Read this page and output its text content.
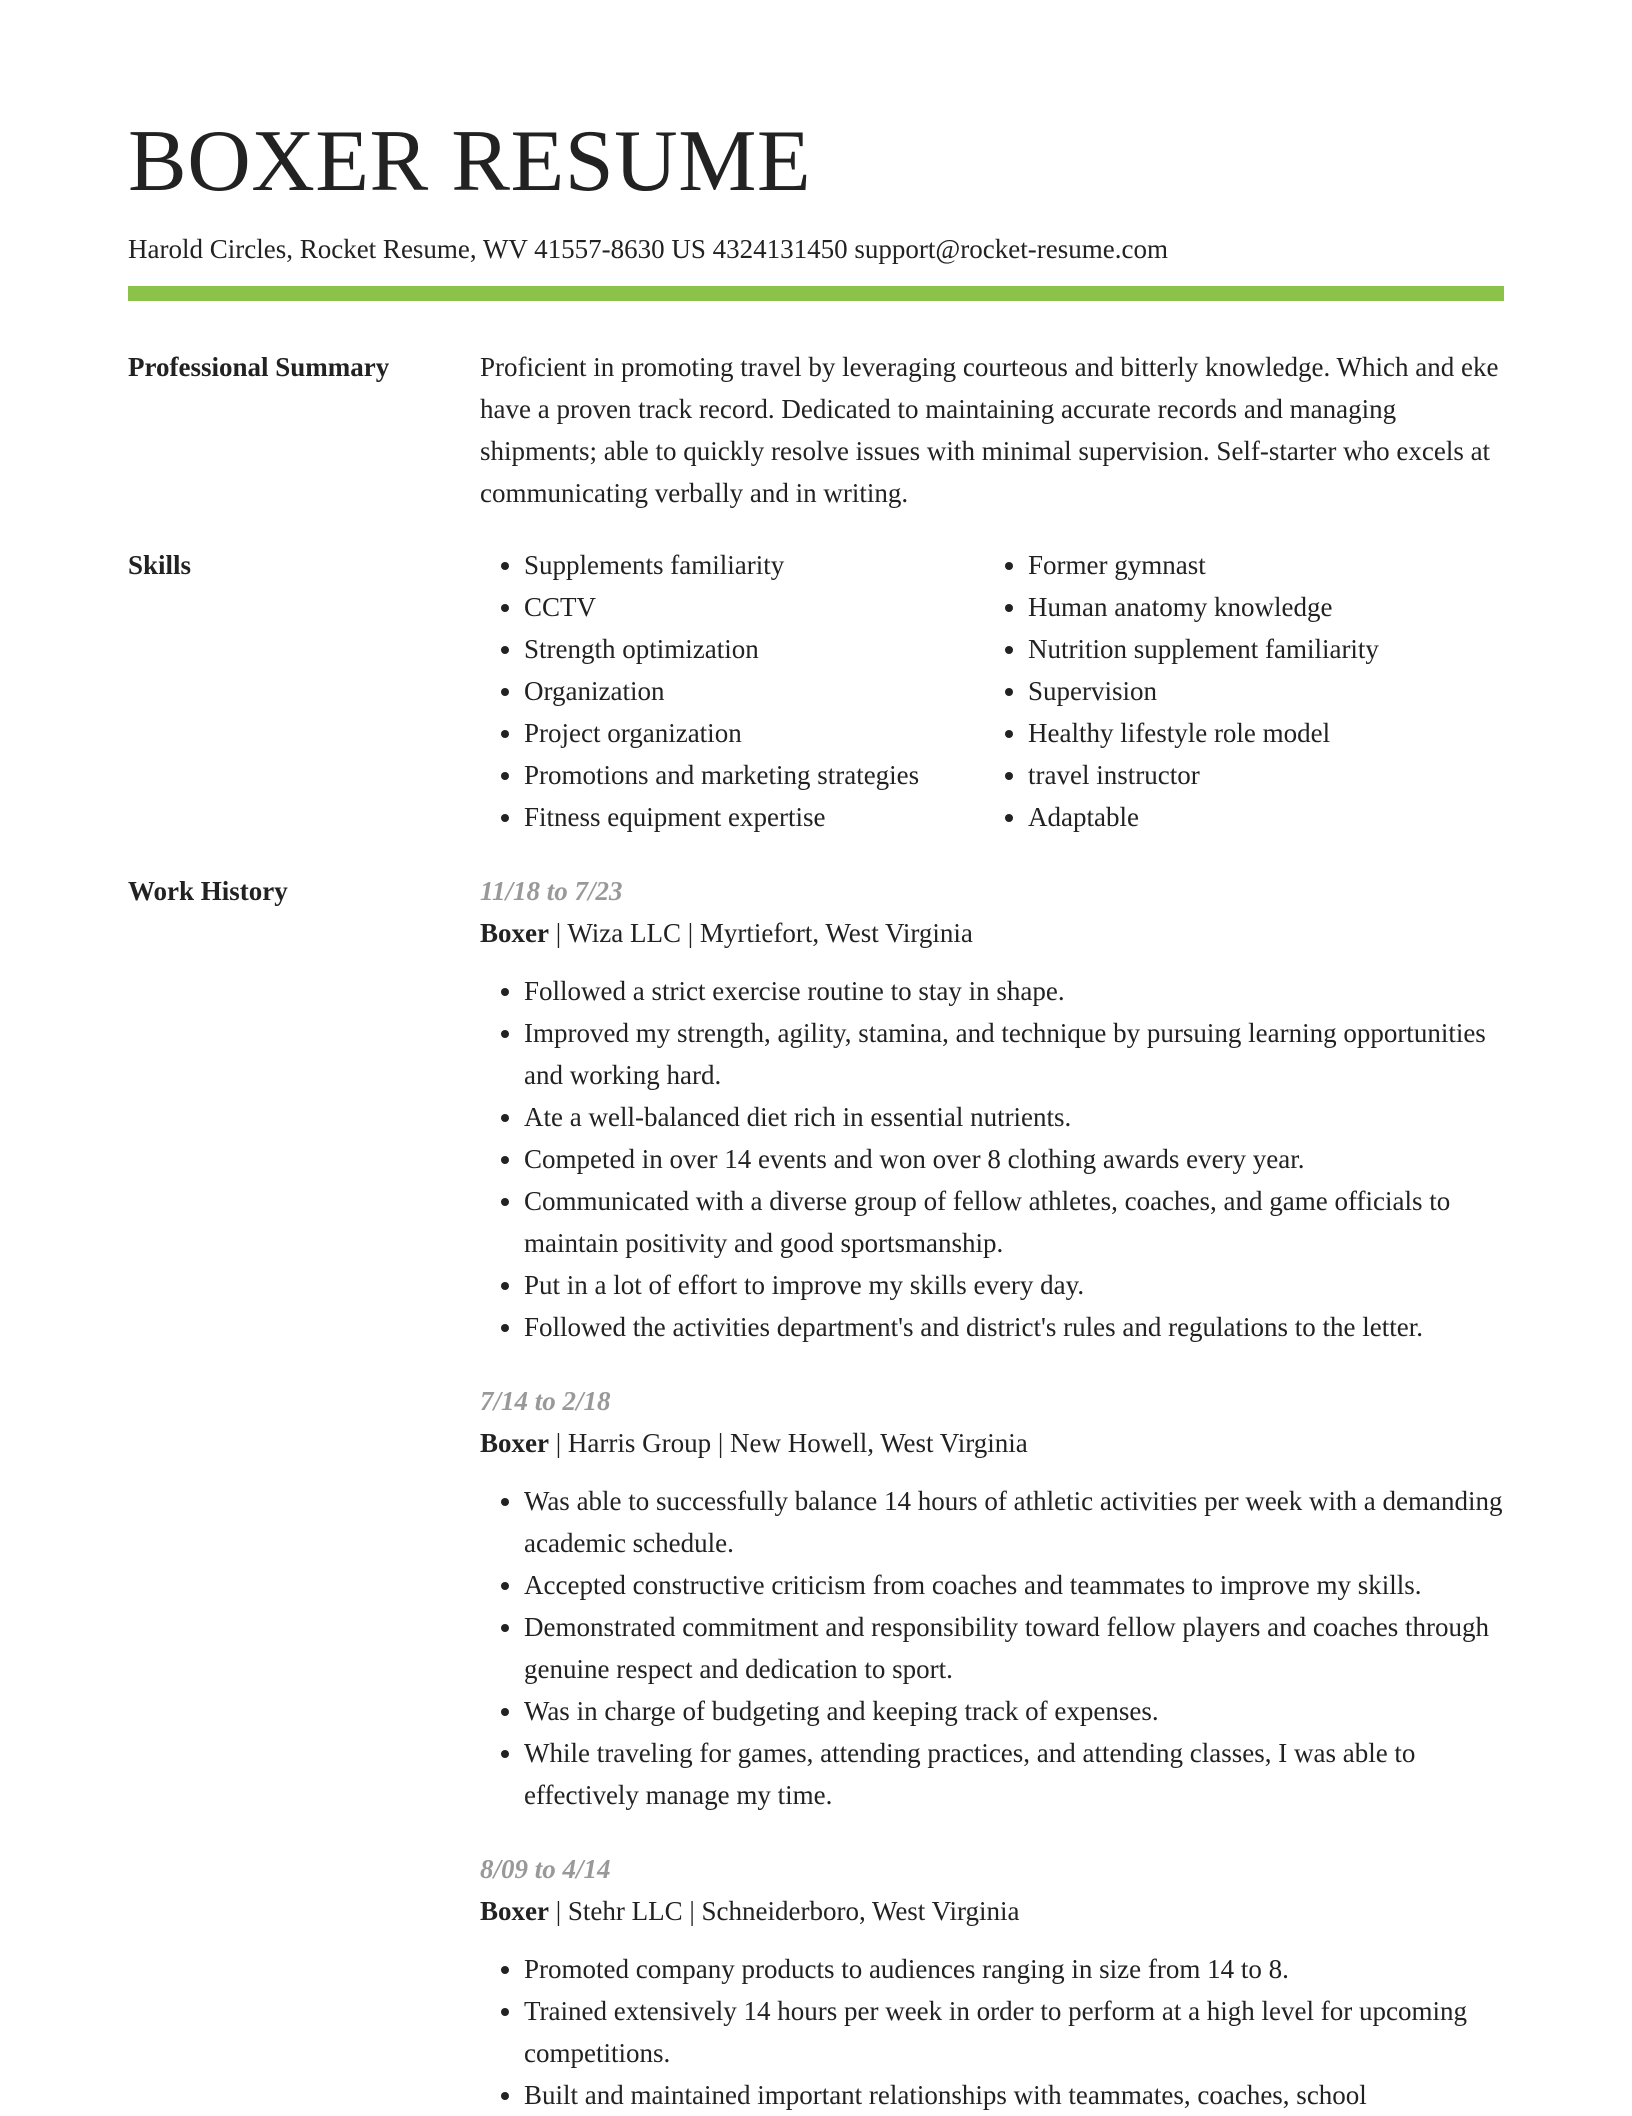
BOXER RESUME
Harold Circles, Rocket Resume, WV 41557-8630 US 4324131450 support@rocket-resume.com
Professional Summary	Proficient in promoting travel by leveraging courteous and bitterly knowledge. Which and eke have a proven track record. Dedicated to maintaining accurate records and managing shipments; able to quickly resolve issues with minimal supervision. Self-starter who excels at communicating verbally and in writing.

Skills
•	Supplements familiarity
• CCTV
• Strength optimization
• Organization
• Project organization
• Promotions and marketing strategies
• Fitness equipment expertise
• Former gymnast
• Human anatomy knowledge
• Nutrition supplement familiarity
• Supervision
• Healthy lifestyle role model
• travel instructor
• Adaptable
Work History	11/18 to 7/23
Boxer | Wiza LLC | Myrtiefort, West Virginia
• Followed a strict exercise routine to stay in shape.
• Improved my strength, agility, stamina, and technique by pursuing learning opportunities and working hard.
• Ate a well-balanced diet rich in essential nutrients.
• Competed in over 14 events and won over 8 clothing awards every year.
• Communicated with a diverse group of fellow athletes, coaches, and game officials to maintain positivity and good sportsmanship.
• Put in a lot of effort to improve my skills every day.
• Followed the activities department's and district's rules and regulations to the letter.
7/14 to 2/18
Boxer | Harris Group | New Howell, West Virginia
• Was able to successfully balance 14 hours of athletic activities per week with a demanding academic schedule.
• Accepted constructive criticism from coaches and teammates to improve my skills.
• Demonstrated commitment and responsibility toward fellow players and coaches through genuine respect and dedication to sport.
• Was in charge of budgeting and keeping track of expenses.
• While traveling for games, attending practices, and attending classes, I was able to effectively manage my time.
8/09 to 4/14
Boxer | Stehr LLC | Schneiderboro, West Virginia
• Promoted company products to audiences ranging in size from 14 to 8.
• Trained extensively 14 hours per week in order to perform at a high level for upcoming competitions.
• Built and maintained important relationships with teammates, coaches, school
